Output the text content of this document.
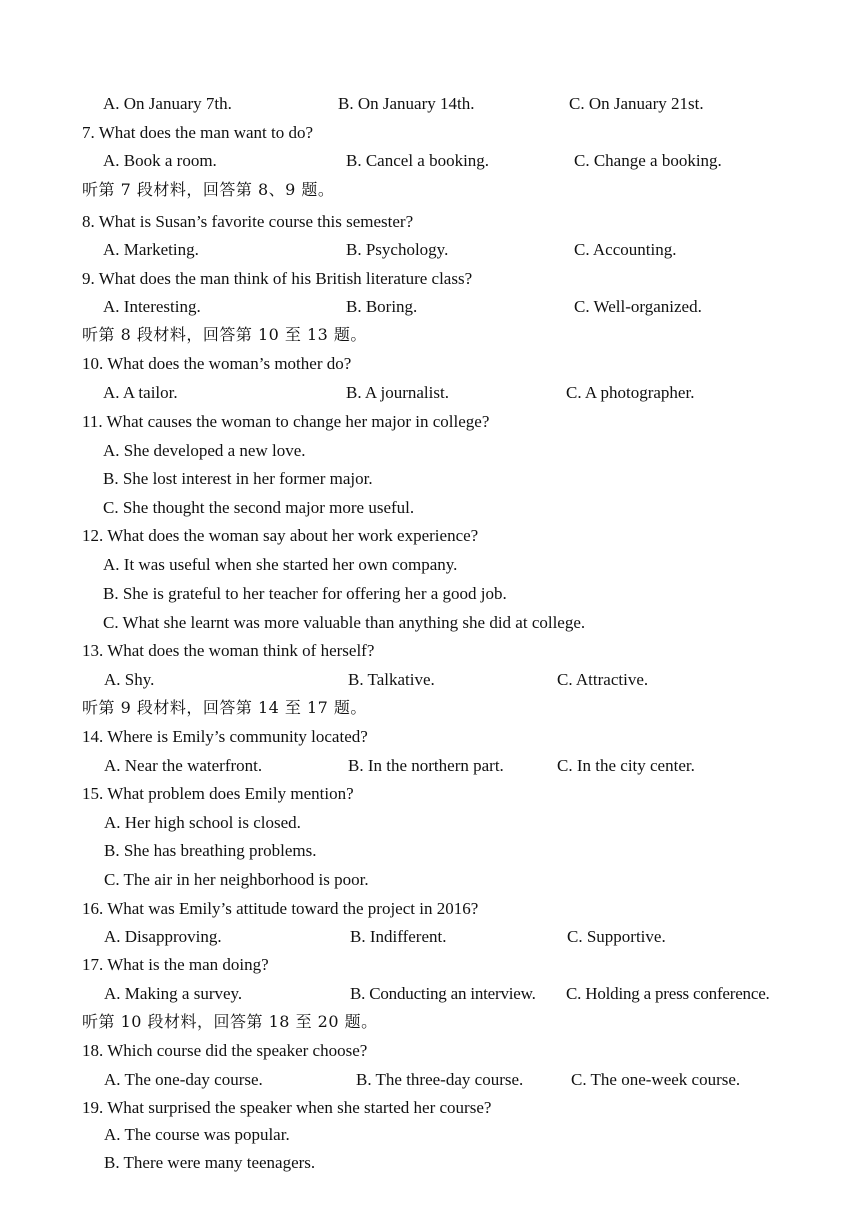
A. On January 7th.	B. On January 14th.	C. On January 21st.
7. What does the man want to do?
A. Book a room.	B. Cancel a booking.	C. Change a booking.
听第 7 段材料，回答第 8、9 题。
8. What is Susan’s favorite course this semester?
A. Marketing.	B. Psychology.	C. Accounting.
9. What does the man think of his British literature class?
A. Interesting.	B. Boring.	C. Well-organized.
听第 8 段材料，回答第 10 至 13 题。
10. What does the woman’s mother do?
A. A tailor.	B. A journalist.	C. A photographer.
11. What causes the woman to change her major in college?
A. She developed a new love.
B. She lost interest in her former major.
C. She thought the second major more useful.
12. What does the woman say about her work experience?
A. It was useful when she started her own company.
B. She is grateful to her teacher for offering her a good job.
C. What she learnt was more valuable than anything she did at college.
13. What does the woman think of herself?
A. Shy.	B. Talkative.	C. Attractive.
听第 9 段材料，回答第 14 至 17 题。
14. Where is Emily’s community located?
A. Near the waterfront.	B. In the northern part.	C. In the city center.
15. What problem does Emily mention?
A. Her high school is closed.
B. She has breathing problems.
C. The air in her neighborhood is poor.
16. What was Emily’s attitude toward the project in 2016?
A. Disapproving.	B. Indifferent.	C. Supportive.
17. What is the man doing?
A. Making a survey.	B. Conducting an interview. C. Holding a press conference.
听第 10 段材料，回答第 18 至 20 题。
18. Which course did the speaker choose?
A. The one-day course.	B. The three-day course.	C. The one-week course.
19. What surprised the speaker when she started her course?
A. The course was popular.
B. There were many teenagers.
